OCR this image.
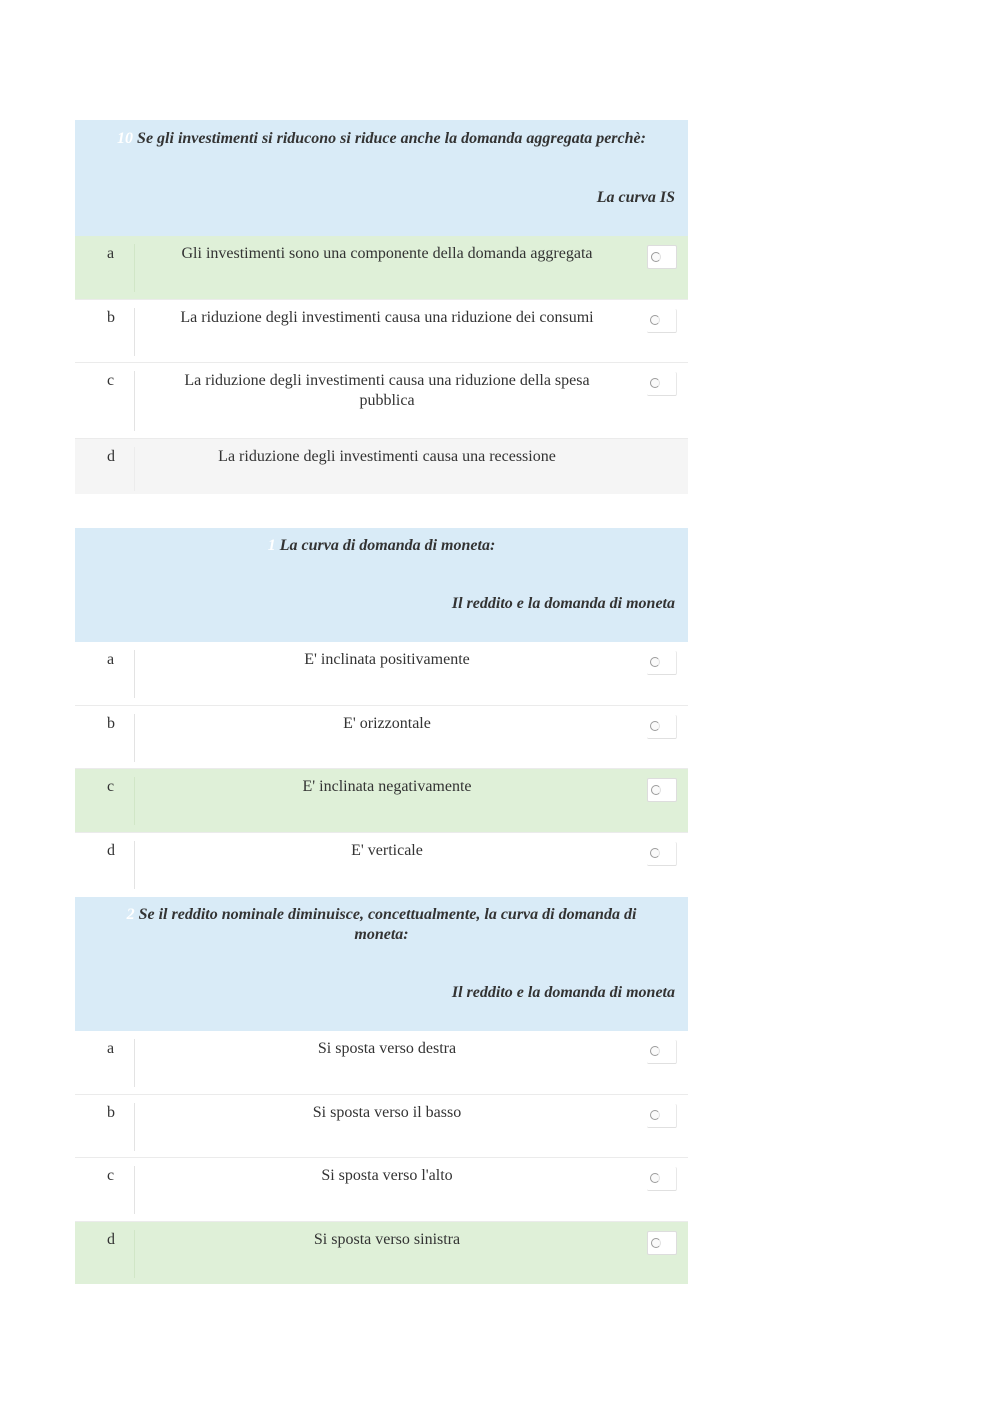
10 Se gli investimenti si riducono si riduce anche la domanda aggregata perchè:
La curva IS
a	Gli investimenti sono una componente della domanda aggregata
b	La riduzione degli investimenti causa una riduzione dei consumi
c	La riduzione degli investimenti causa una riduzione della spesa pubblica
d	La riduzione degli investimenti causa una recessione
1 La curva di domanda di moneta:
Il reddito e la domanda di moneta
a	E' inclinata positivamente
b	E' orizzontale
c	E' inclinata negativamente
d	E' verticale
2 Se il reddito nominale diminuisce, concettualmente, la curva di domanda di moneta:
Il reddito e la domanda di moneta
a	Si sposta verso destra
b	Si sposta verso il basso
c	Si sposta verso l'alto
d	Si sposta verso sinistra
